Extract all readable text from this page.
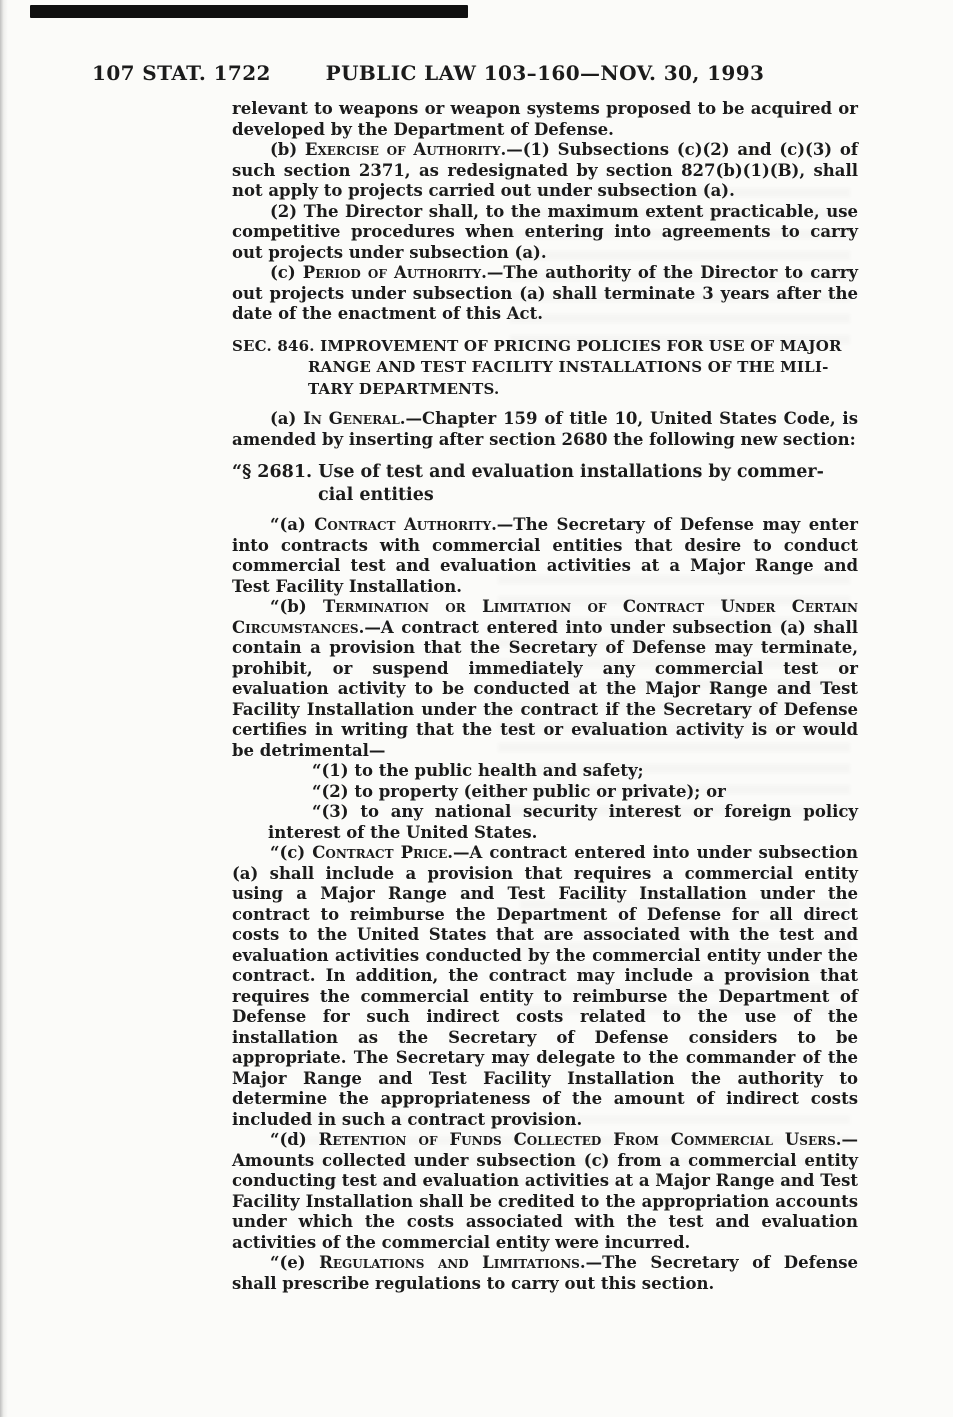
107 STAT. 1722	PUBLIC LAW 103–160—NOV. 30, 1993

relevant to weapons or weapon systems proposed to be acquired or developed by the Department of Defense.

(b) Exercise of Authority.—(1) Subsections (c)(2) and (c)(3) of such section 2371, as redesignated by section 827(b)(1)(B), shall not apply to projects carried out under subsection (a).

(2) The Director shall, to the maximum extent practicable, use competitive procedures when entering into agreements to carry out projects under subsection (a).

(c) Period of Authority.—The authority of the Director to carry out projects under subsection (a) shall terminate 3 years after the date of the enactment of this Act.

SEC. 846. IMPROVEMENT OF PRICING POLICIES FOR USE OF MAJOR
RANGE AND TEST FACILITY INSTALLATIONS OF THE MILI-
TARY DEPARTMENTS.

(a) In General.—Chapter 159 of title 10, United States Code, is amended by inserting after section 2680 the following new section:

“§ 2681. Use of test and evaluation installations by commer-
cial entities

“(a) Contract Authority.—The Secretary of Defense may enter into contracts with commercial entities that desire to conduct commercial test and evaluation activities at a Major Range and Test Facility Installation.

“(b) Termination or Limitation of Contract Under Certain Circumstances.—A contract entered into under subsection (a) shall contain a provision that the Secretary of Defense may terminate, prohibit, or suspend immediately any commercial test or evaluation activity to be conducted at the Major Range and Test Facility Installation under the contract if the Secretary of Defense certifies in writing that the test or evaluation activity is or would be detrimental—

“(1) to the public health and safety;

“(2) to property (either public or private); or

“(3) to any national security interest or foreign policy interest of the United States.

“(c) Contract Price.—A contract entered into under subsection (a) shall include a provision that requires a commercial entity using a Major Range and Test Facility Installation under the contract to reimburse the Department of Defense for all direct costs to the United States that are associated with the test and evaluation activities conducted by the commercial entity under the contract. In addition, the contract may include a provision that requires the commercial entity to reimburse the Department of Defense for such indirect costs related to the use of the installation as the Secretary of Defense considers to be appropriate. The Secretary may delegate to the commander of the Major Range and Test Facility Installation the authority to determine the appropriateness of the amount of indirect costs included in such a contract provision.

“(d) Retention of Funds Collected From Commercial Users.—Amounts collected under subsection (c) from a commercial entity conducting test and evaluation activities at a Major Range and Test Facility Installation shall be credited to the appropriation accounts under which the costs associated with the test and evaluation activities of the commercial entity were incurred.

“(e) Regulations and Limitations.—The Secretary of Defense shall prescribe regulations to carry out this section.
